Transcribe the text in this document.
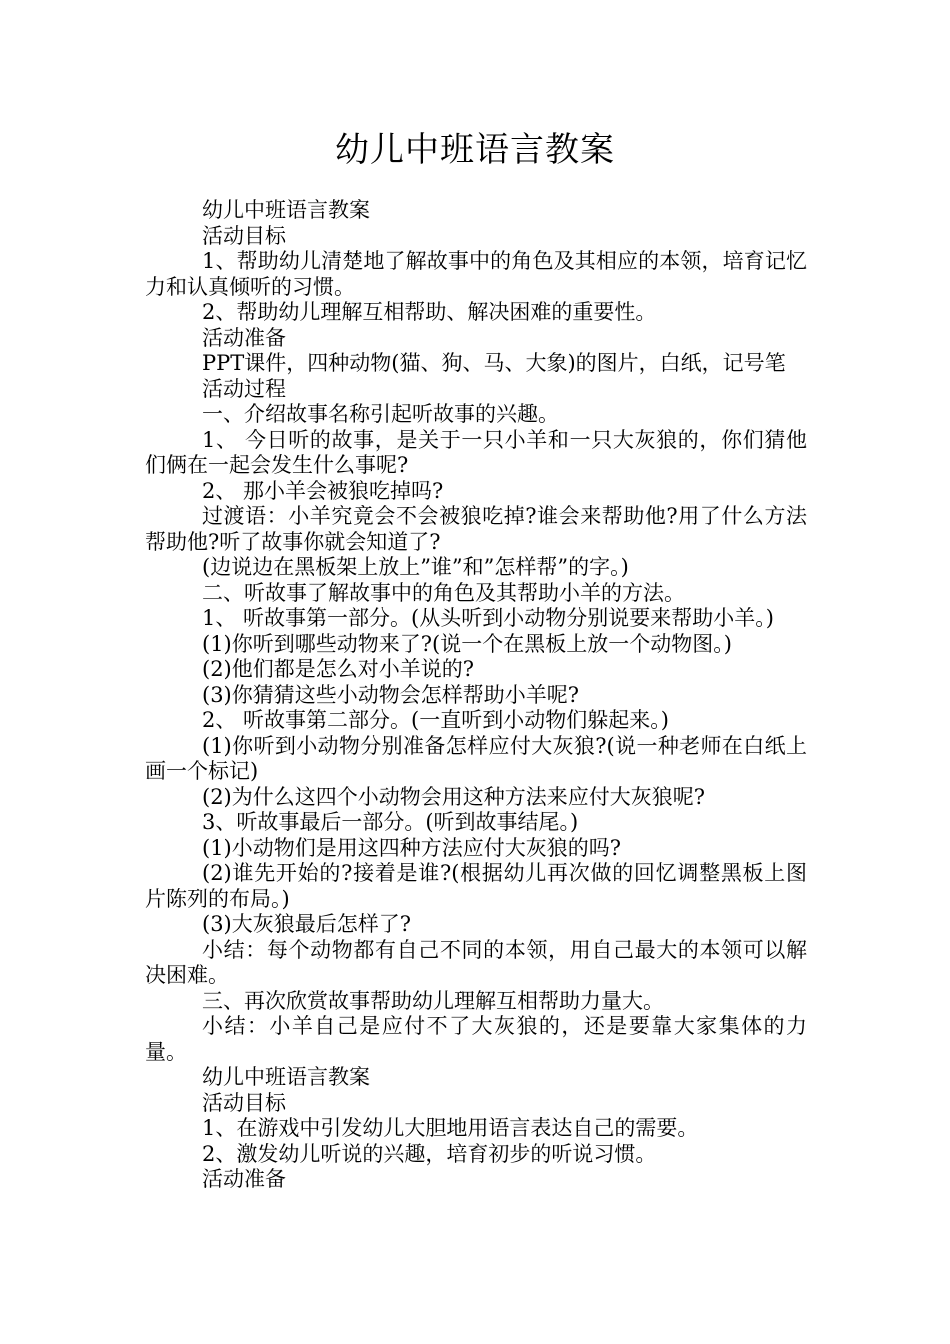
幼儿中班语言教案

幼儿中班语言教案

活动目标

1、帮助幼儿清楚地了解故事中的角色及其相应的本领，培育记忆力和认真倾听的习惯。

2、帮助幼儿理解互相帮助、解决困难的重要性。

活动准备

PPT课件，四种动物(猫、狗、马、大象)的图片，白纸，记号笔

活动过程

一、介绍故事名称引起听故事的兴趣。

1、 今日听的故事，是关于一只小羊和一只大灰狼的，你们猜他们俩在一起会发生什么事呢?

2、 那小羊会被狼吃掉吗?

过渡语：小羊究竟会不会被狼吃掉?谁会来帮助他?用了什么方法帮助他?听了故事你就会知道了?

(边说边在黑板架上放上”谁”和”怎样帮”的字。)

二、听故事了解故事中的角色及其帮助小羊的方法。

1、 听故事第一部分。(从头听到小动物分别说要来帮助小羊。)

(1)你听到哪些动物来了?(说一个在黑板上放一个动物图。)

(2)他们都是怎么对小羊说的?

(3)你猜猜这些小动物会怎样帮助小羊呢?

2、 听故事第二部分。(一直听到小动物们躲起来。)

(1)你听到小动物分别准备怎样应付大灰狼?(说一种老师在白纸上画一个标记)

(2)为什么这四个小动物会用这种方法来应付大灰狼呢?

3、听故事最后一部分。(听到故事结尾。)

(1)小动物们是用这四种方法应付大灰狼的吗?

(2)谁先开始的?接着是谁?(根据幼儿再次做的回忆调整黑板上图片陈列的布局。)

(3)大灰狼最后怎样了?

小结：每个动物都有自己不同的本领，用自己最大的本领可以解决困难。

三、再次欣赏故事帮助幼儿理解互相帮助力量大。

小结：小羊自己是应付不了大灰狼的，还是要靠大家集体的力量。

幼儿中班语言教案

活动目标

1、在游戏中引发幼儿大胆地用语言表达自己的需要。

2、激发幼儿听说的兴趣，培育初步的听说习惯。

活动准备
